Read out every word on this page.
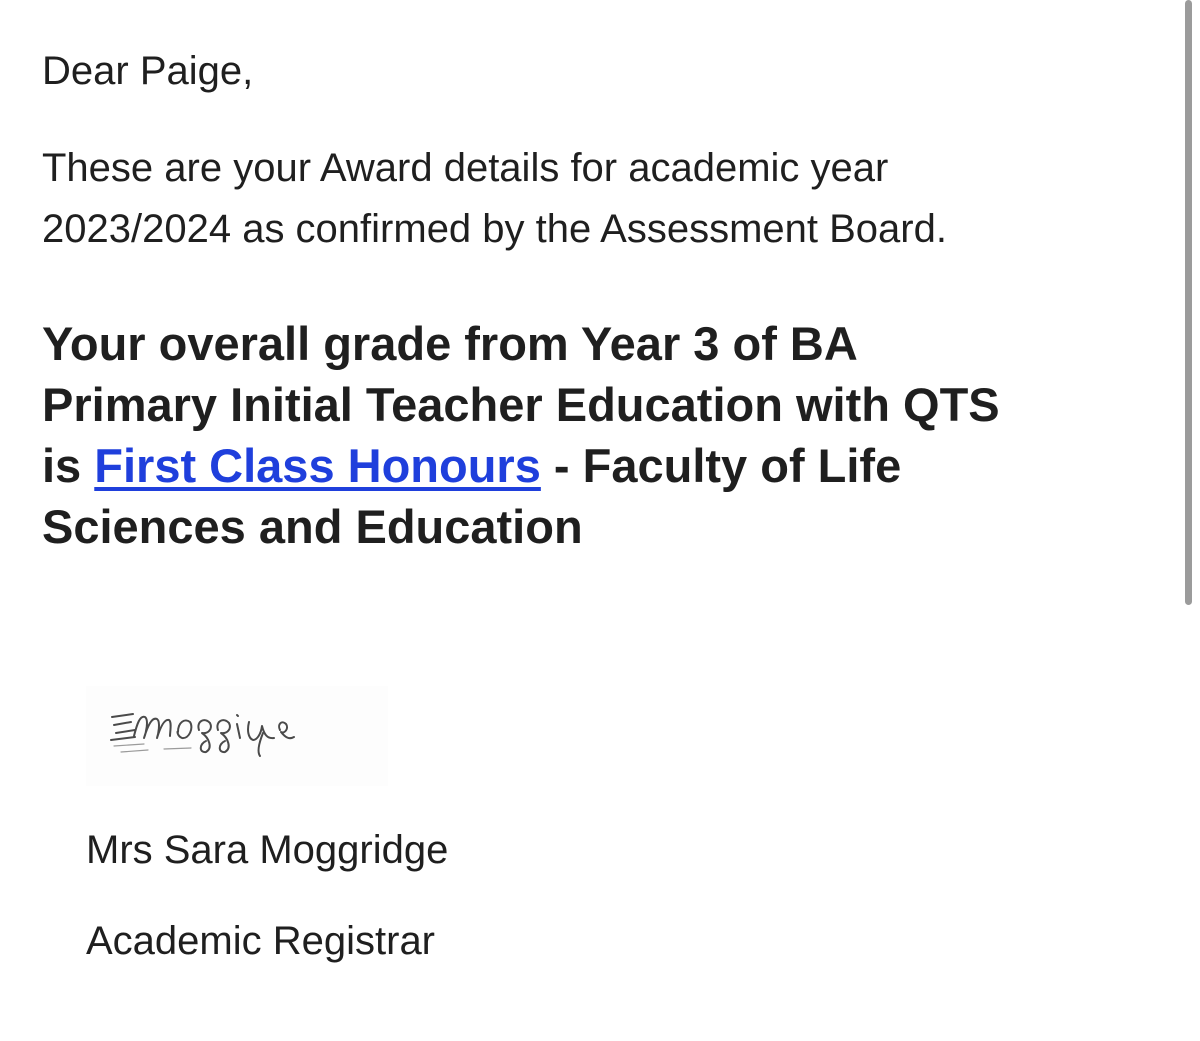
Dear Paige,

These are your Award details for academic year
2023/2024 as confirmed by the Assessment Board.

Your overall grade from Year 3 of BA
Primary Initial Teacher Education with QTS
is First Class Honours - Faculty of Life
Sciences and Education

Mrs Sara Moggridge

Academic Registrar
